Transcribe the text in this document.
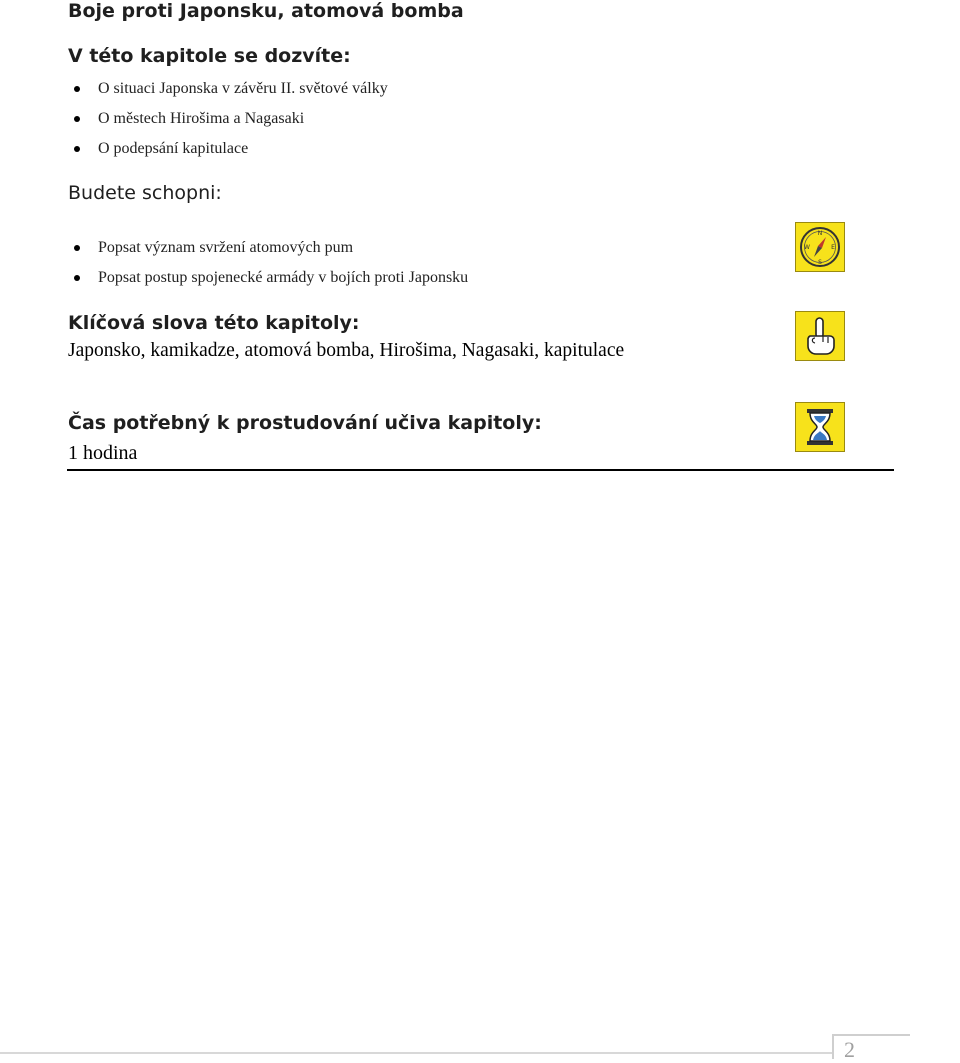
Boje proti Japonsku, atomová bomba
V této kapitole se dozvíte:
O situaci Japonska v závěru II. světové války
O městech Hirošima a Nagasaki
O podepsání kapitulace
Budete schopni:
Popsat význam svržení atomových pum
Popsat postup spojenecké armády v bojích proti Japonsku
Klíčová slova této kapitoly:

Japonsko, kamikadze, atomová bomba, Hirošima, Nagasaki, kapitulace

Čas potřebný k prostudování učiva kapitoly:

1 hodina

N
S
W	E
2
